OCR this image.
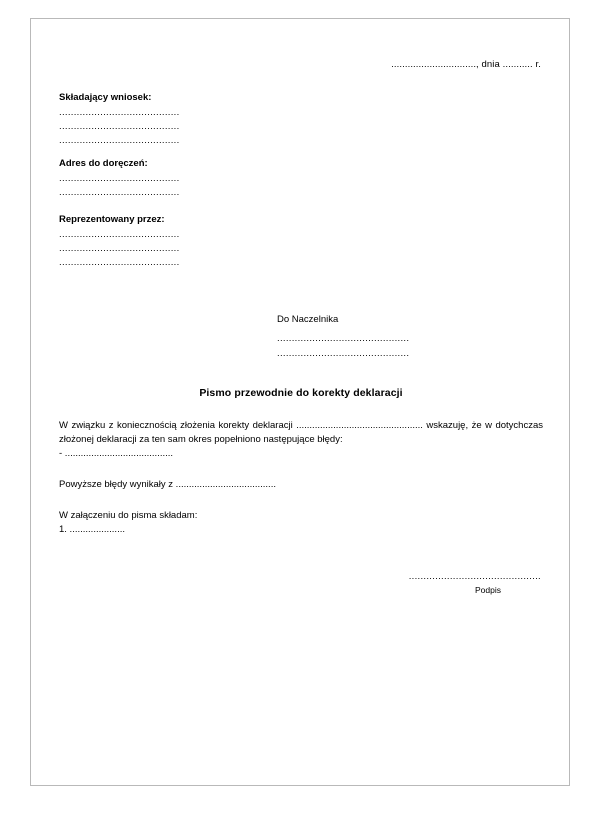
..............................., dnia ........... r.
Składający wniosek:
.........................................
.........................................
.........................................
Adres do doręczeń:
.........................................
.........................................
Reprezentowany przez:
.........................................
.........................................
.........................................
Do Naczelnika
.............................................
.............................................
Pismo przewodnie do korekty deklaracji
W związku z koniecznością złożenia korekty deklaracji ................................................ wskazuję, że w dotychczas złożonej deklaracji za ten sam okres popełniono następujące błędy:
- .........................................
Powyższe błędy wynikały z ......................................
W załączeniu do pisma składam:
1. .....................
.............................................
Podpis
